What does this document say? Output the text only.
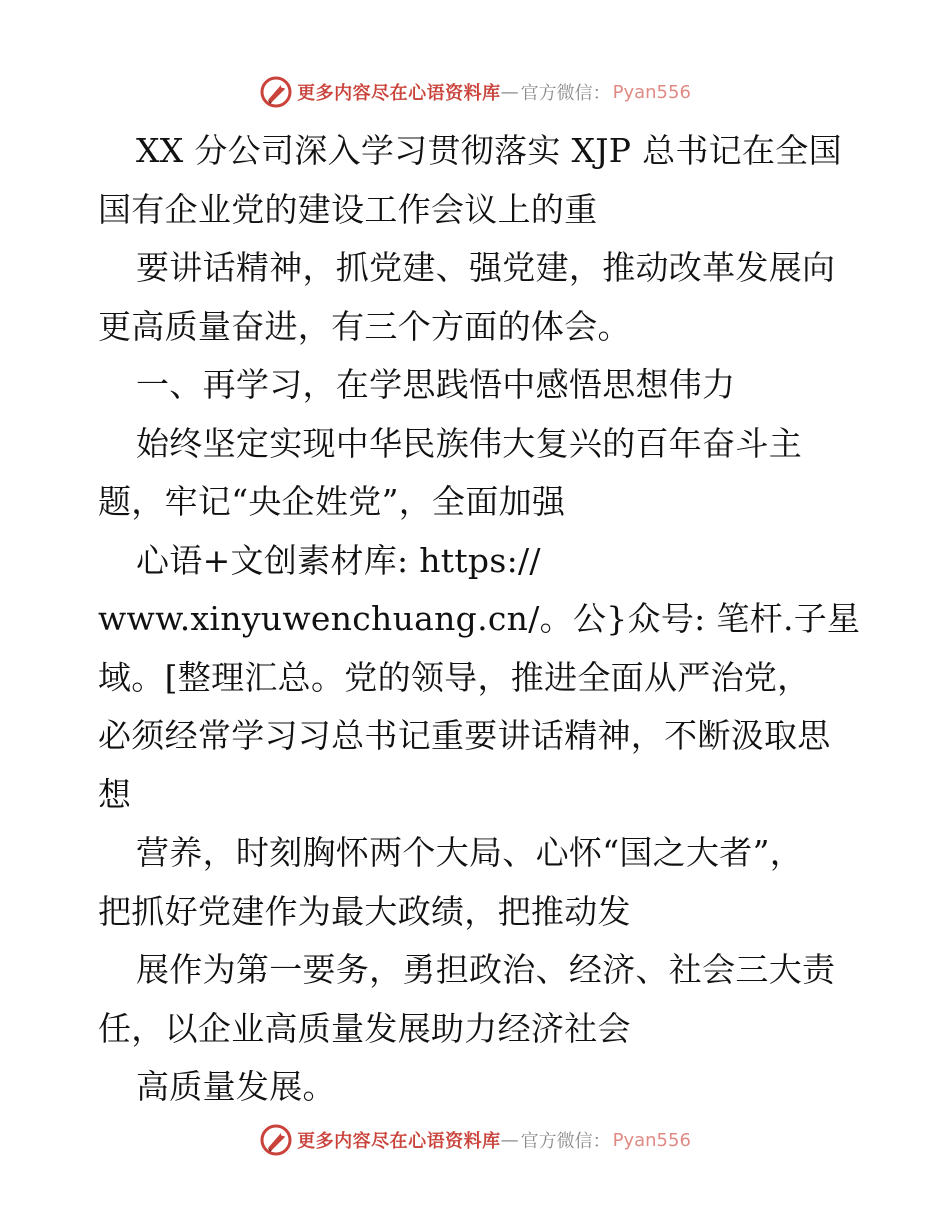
更多内容尽在心语资料库 — 官方微信： Pyan556
XX 分公司深入学习贯彻落实 XJP 总书记在全国
国有企业党的建设工作会议上的重
要讲话精神，抓党建、强党建，推动改革发展向
更高质量奋进，有三个方面的体会。
一、再学习，在学思践悟中感悟思想伟力
始终坚定实现中华民族伟大复兴的百年奋斗主
题，牢记“央企姓党”，全面加强
心语+文创素材库: https://
www.xinyuwenchuang.cn/。公}众号: 笔杆.子星
域。[整理汇总。党的领导，推进全面从严治党，
必须经常学习习总书记重要讲话精神，不断汲取思
想
营养，时刻胸怀两个大局、心怀“国之大者”，
把抓好党建作为最大政绩，把推动发
展作为第一要务，勇担政治、经济、社会三大责
任，以企业高质量发展助力经济社会
高质量发展。
更多内容尽在心语资料库 — 官方微信： Pyan556
